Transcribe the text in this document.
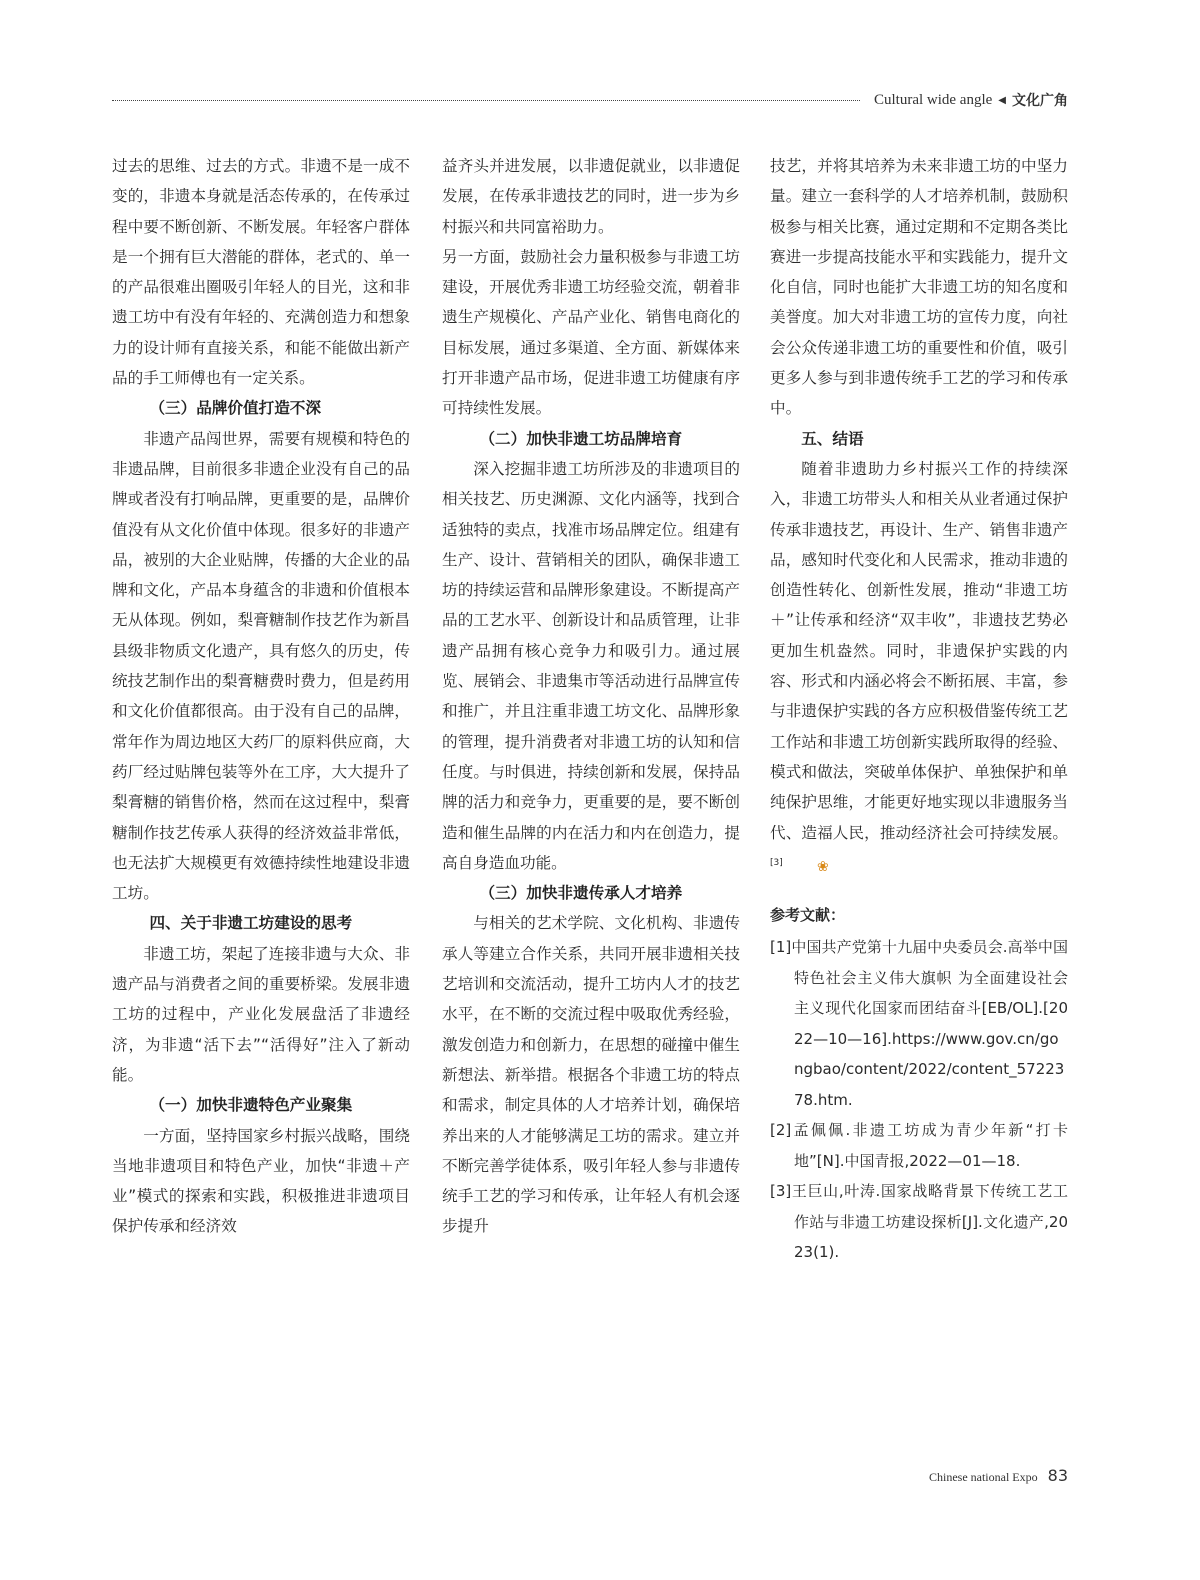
Cultural wide angle ◀ 文化广角

过去的思维、过去的方式。非遗不是一成不变的，非遗本身就是活态传承的，在传承过程中要不断创新、不断发展。年轻客户群体是一个拥有巨大潜能的群体，老式的、单一的产品很难出圈吸引年轻人的目光，这和非遗工坊中有没有年轻的、充满创造力和想象力的设计师有直接关系，和能不能做出新产品的手工师傅也有一定关系。

（三）品牌价值打造不深

非遗产品闯世界，需要有规模和特色的非遗品牌，目前很多非遗企业没有自己的品牌或者没有打响品牌，更重要的是，品牌价值没有从文化价值中体现。很多好的非遗产品，被别的大企业贴牌，传播的大企业的品牌和文化，产品本身蕴含的非遗和价值根本无从体现。例如，梨膏糖制作技艺作为新昌县级非物质文化遗产，具有悠久的历史，传统技艺制作出的梨膏糖费时费力，但是药用和文化价值都很高。由于没有自己的品牌，常年作为周边地区大药厂的原料供应商，大药厂经过贴牌包装等外在工序，大大提升了梨膏糖的销售价格，然而在这过程中，梨膏糖制作技艺传承人获得的经济效益非常低，也无法扩大规模更有效德持续性地建设非遗工坊。

四、关于非遗工坊建设的思考

非遗工坊，架起了连接非遗与大众、非遗产品与消费者之间的重要桥梁。发展非遗工坊的过程中，产业化发展盘活了非遗经济，为非遗“活下去”“活得好”注入了新动能。

（一）加快非遗特色产业聚集

一方面，坚持国家乡村振兴战略，围绕当地非遗项目和特色产业，加快“非遗＋产业”模式的探索和实践，积极推进非遗项目保护传承和经济效

益齐头并进发展，以非遗促就业，以非遗促发展，在传承非遗技艺的同时，进一步为乡村振兴和共同富裕助力。

另一方面，鼓励社会力量积极参与非遗工坊建设，开展优秀非遗工坊经验交流，朝着非遗生产规模化、产品产业化、销售电商化的目标发展，通过多渠道、全方面、新媒体来打开非遗产品市场，促进非遗工坊健康有序可持续性发展。

（二）加快非遗工坊品牌培育

深入挖掘非遗工坊所涉及的非遗项目的相关技艺、历史渊源、文化内涵等，找到合适独特的卖点，找准市场品牌定位。组建有生产、设计、营销相关的团队，确保非遗工坊的持续运营和品牌形象建设。不断提高产品的工艺水平、创新设计和品质管理，让非遗产品拥有核心竞争力和吸引力。通过展览、展销会、非遗集市等活动进行品牌宣传和推广，并且注重非遗工坊文化、品牌形象的管理，提升消费者对非遗工坊的认知和信任度。与时俱进，持续创新和发展，保持品牌的活力和竞争力，更重要的是，要不断创造和催生品牌的内在活力和内在创造力，提高自身造血功能。

（三）加快非遗传承人才培养

与相关的艺术学院、文化机构、非遗传承人等建立合作关系，共同开展非遗相关技艺培训和交流活动，提升工坊内人才的技艺水平，在不断的交流过程中吸取优秀经验，激发创造力和创新力，在思想的碰撞中催生新想法、新举措。根据各个非遗工坊的特点和需求，制定具体的人才培养计划，确保培养出来的人才能够满足工坊的需求。建立并不断完善学徒体系，吸引年轻人参与非遗传统手工艺的学习和传承，让年轻人有机会逐步提升

技艺，并将其培养为未来非遗工坊的中坚力量。建立一套科学的人才培养机制，鼓励积极参与相关比赛，通过定期和不定期各类比赛进一步提高技能水平和实践能力，提升文化自信，同时也能扩大非遗工坊的知名度和美誉度。加大对非遗工坊的宣传力度，向社会公众传递非遗工坊的重要性和价值，吸引更多人参与到非遗传统手工艺的学习和传承中。

五、结语

随着非遗助力乡村振兴工作的持续深入，非遗工坊带头人和相关从业者通过保护传承非遗技艺，再设计、生产、销售非遗产品，感知时代变化和人民需求，推动非遗的创造性转化、创新性发展，推动“非遗工坊＋”让传承和经济“双丰收”，非遗技艺势必更加生机盎然。同时，非遗保护实践的内容、形式和内涵必将会不断拓展、丰富，参与非遗保护实践的各方应积极借鉴传统工艺工作站和非遗工坊创新实践所取得的经验、模式和做法，突破单体保护、单独保护和单纯保护思维，才能更好地实现以非遗服务当代、造福人民，推动经济社会可持续发展。[3] ❀

参考文献：
[1]中国共产党第十九届中央委员会.高举中国特色社会主义伟大旗帜 为全面建设社会主义现代化国家而团结奋斗[EB/OL].[2022—10—16].https://www.gov.cn/gongbao/content/2022/content_5722378.htm.
[2]孟佩佩.非遗工坊成为青少年新“打卡地”[N].中国青报,2022—01—18.
[3]王巨山,叶涛.国家战略背景下传统工艺工作站与非遗工坊建设探析[J].文化遗产,2023(1).
Chinese national Expo 83
